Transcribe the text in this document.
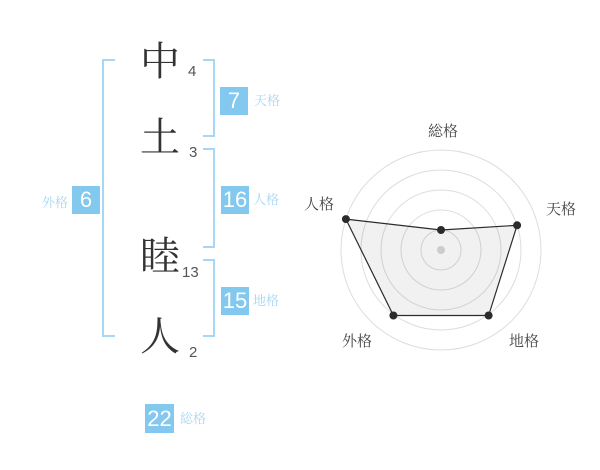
中 4
土 3
睦 13
人 2
7	天格
16 人格
15 地格
外格 6
22 総格
総格
天格
地格
外格
人格
